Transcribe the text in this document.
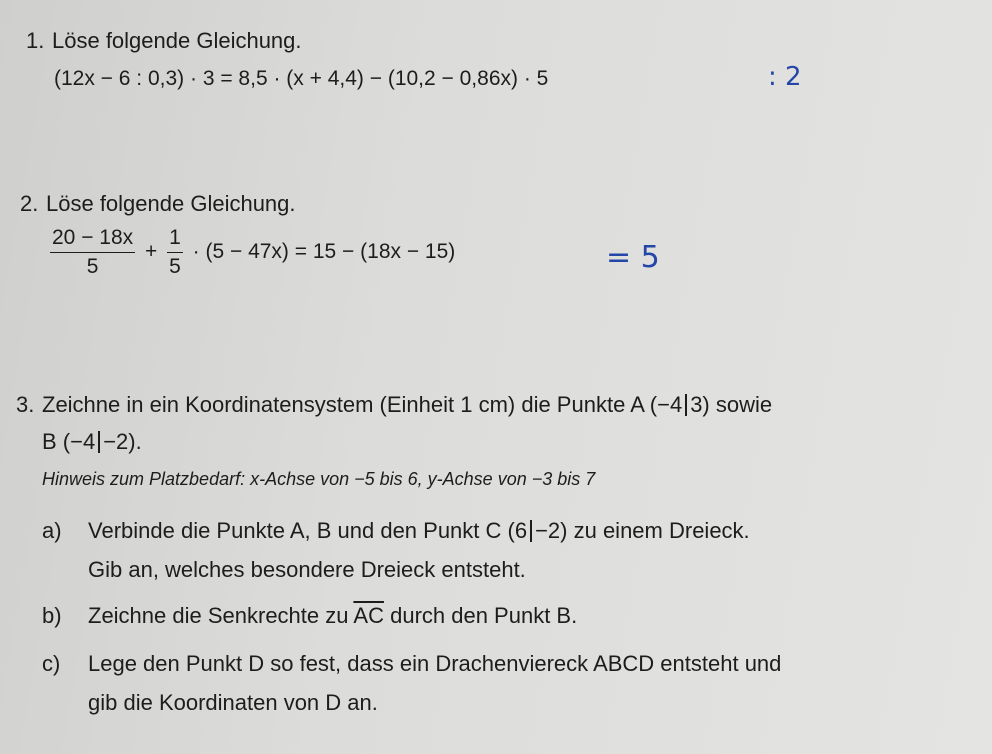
1. Löse folgende Gleichung.
(12x − 6 : 0,3) · 3 = 8,5 · (x + 4,4) − (10,2 − 0,86x) · 5	: 2
2. Löse folgende Gleichung.
$\frac{20 - 18x}{5} + \frac{1}{5} \cdot (5 - 47x) = 15 - (18x - 15)$	= 5
3. Zeichne in ein Koordinatensystem (Einheit 1 cm) die Punkte A (−4 3) sowie
B (−4 −2).
Hinweis zum Platzbedarf: x-Achse von −5 bis 6, y-Achse von −3 bis 7
a) Verbinde die Punkte A, B und den Punkt C (6 −2) zu einem Dreieck.
Gib an, welches besondere Dreieck entsteht.
b) Zeichne die Senkrechte zu $\overline{AC}$ durch den Punkt B.
c) Lege den Punkt D so fest, dass ein Drachenviereck ABCD entsteht und
gib die Koordinaten von D an.
